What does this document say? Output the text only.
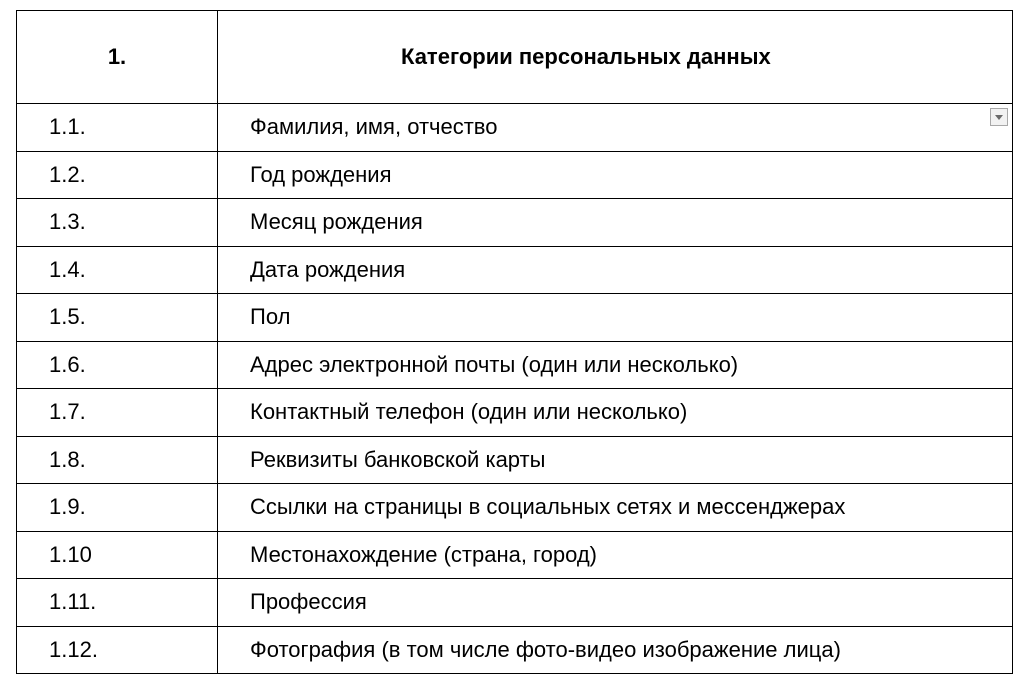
1.	Категории персональных данных
1.1.	Фамилия, имя, отчество

1.2.	Год рождения
1.3.	Месяц рождения
1.4.	Дата рождения
1.5.	Пол
1.6.	Адрес электронной почты (один или несколько)
1.7.	Контактный телефон (один или несколько)
1.8.	Реквизиты банковской карты
1.9.	Ссылки на страницы в социальных сетях и мессенджерах
1.10	Местонахождение (страна, город)
1.11.	Профессия
1.12.	Фотография (в том числе фото-видео изображение лица)
